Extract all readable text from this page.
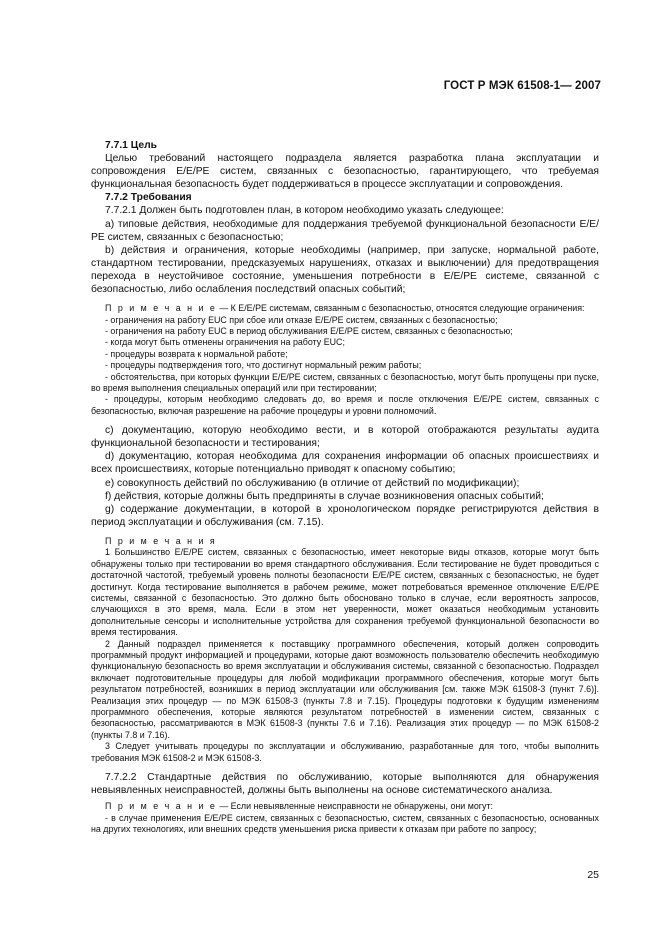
ГОСТ Р МЭК 61508-1— 2007

7.7.1 Цель

Целью требований настоящего подраздела является разработка плана эксплуатации и сопровождения Е/Е/РЕ систем, связанных с безопасностью, гарантирующего, что требуемая функциональная безопасность будет поддерживаться в процессе эксплуатации и сопровождения.

7.7.2 Требования

7.7.2.1 Должен быть подготовлен план, в котором необходимо указать следующее:

а) типовые действия, необходимые для поддержания требуемой функциональной безопасности Е/Е/РЕ систем, связанных с безопасностью;

b) действия и ограничения, которые необходимы (например, при запуске, нормальной работе, стандартном тестировании, предсказуемых нарушениях, отказах и выключении) для предотвращения перехода в неустойчивое состояние, уменьшения потребности в Е/Е/РЕ системе, связанной с безопасностью, либо ослабления последствий опасных событий;

П р и м е ч а н и е — К Е/Е/РЕ системам, связанным с безопасностью, относятся следующие ограничения:

- ограничения на работу EUC при сбое или отказе Е/Е/РЕ систем, связанных с безопасностью;

- ограничения на работу EUC в период обслуживания Е/Е/РЕ систем, связанных с безопасностью;

- когда могут быть отменены ограничения на работу EUC;

- процедуры возврата к нормальной работе;

- процедуры подтверждения того, что достигнут нормальный режим работы;

- обстоятельства, при которых функции Е/Е/РЕ систем, связанных с безопасностью, могут быть пропущены при пуске, во время выполнения специальных операций или при тестировании;

- процедуры, которым необходимо следовать до, во время и после отключения Е/Е/РЕ систем, связанных с безопасностью, включая разрешение на рабочие процедуры и уровни полномочий.

с) документацию, которую необходимо вести, и в которой отображаются результаты аудита функциональной безопасности и тестирования;

d) документацию, которая необходима для сохранения информации об опасных происшествиях и всех происшествиях, которые потенциально приводят к опасному событию;

е) совокупность действий по обслуживанию (в отличие от действий по модификации);

f) действия, которые должны быть предприняты в случае возникновения опасных событий;

g) содержание документации, в которой в хронологическом порядке регистрируются действия в период эксплуатации и обслуживания (см. 7.15).

П р и м е ч а н и я

1 Большинство Е/Е/РЕ систем, связанных с безопасностью, имеет некоторые виды отказов, которые могут быть обнаружены только при тестировании во время стандартного обслуживания. Если тестирование не будет проводиться с достаточной частотой, требуемый уровень полноты безопасности Е/Е/РЕ систем, связанных с безопасностью, не будет достигнут. Когда тестирование выполняется в рабочем режиме, может потребоваться временное отключение Е/Е/РЕ системы, связанной с безопасностью. Это должно быть обосновано только в случае, если вероятность запросов, случающихся в это время, мала. Если в этом нет уверенности, может оказаться необходимым установить дополнительные сенсоры и исполнительные устройства для сохранения требуемой функциональной безопасности во время тестирования.

2 Данный подраздел применяется к поставщику программного обеспечения, который должен сопроводить программный продукт информацией и процедурами, которые дают возможность пользователю обеспечить необходимую функциональную безопасность во время эксплуатации и обслуживания системы, связанной с безопасностью. Подраздел включает подготовительные процедуры для любой модификации программного обеспечения, которые могут быть результатом потребностей, возникших в период эксплуатации или обслуживания [см. также МЭК 61508-3 (пункт 7.6)]. Реализация этих процедур — по МЭК 61508-3 (пункты 7.8 и 7.15). Процедуры подготовки к будущим изменениям программного обеспечения, которые являются результатом потребностей в изменении систем, связанных с безопасностью, рассматриваются в МЭК 61508-3 (пункты 7.6 и 7.16). Реализация этих процедур — по МЭК 61508-2 (пункты 7.8 и 7.16).

3 Следует учитывать процедуры по эксплуатации и обслуживанию, разработанные для того, чтобы выполнить требования МЭК 61508-2 и МЭК 61508-3.

7.7.2.2 Стандартные действия по обслуживанию, которые выполняются для обнаружения невыявленных неисправностей, должны быть выполнены на основе систематического анализа.

П р и м е ч а н и е — Если невыявленные неисправности не обнаружены, они могут:

- в случае применения Е/Е/РЕ систем, связанных с безопасностью, систем, связанных с безопасностью, основанных на других технологиях, или внешних средств уменьшения риска привести к отказам при работе по запросу;

25
